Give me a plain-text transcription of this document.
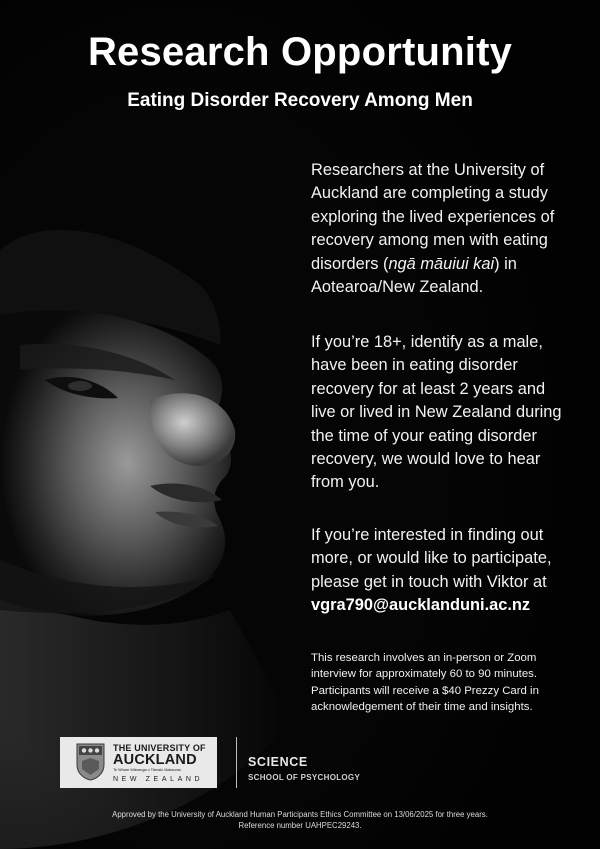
Research Opportunity
Eating Disorder Recovery Among Men

Researchers at the University of Auckland are completing a study exploring the lived experiences of recovery among men with eating disorders (ngā māuiui kai) in Aotearoa/New Zealand.

If you’re 18+, identify as a male, have been in eating disorder recovery for at least 2 years and live or lived in New Zealand during the time of your eating disorder recovery, we would love to hear from you.

If you’re interested in finding out more, or would like to participate, please get in touch with Viktor at vgra790@aucklanduni.ac.nz

This research involves an in-person or Zoom interview for approximately 60 to 90 minutes. Participants will receive a $40 Prezzy Card in acknowledgement of their time and insights.

THE UNIVERSITY OF
AUCKLAND
Te Whare Wānanga o Tāmaki Makaurau
NEW ZEALAND
SCIENCE
SCHOOL OF PSYCHOLOGY
Approved by the University of Auckland Human Participants Ethics Committee on 13/06/2025 for three years.
Reference number UAHPEC29243.
